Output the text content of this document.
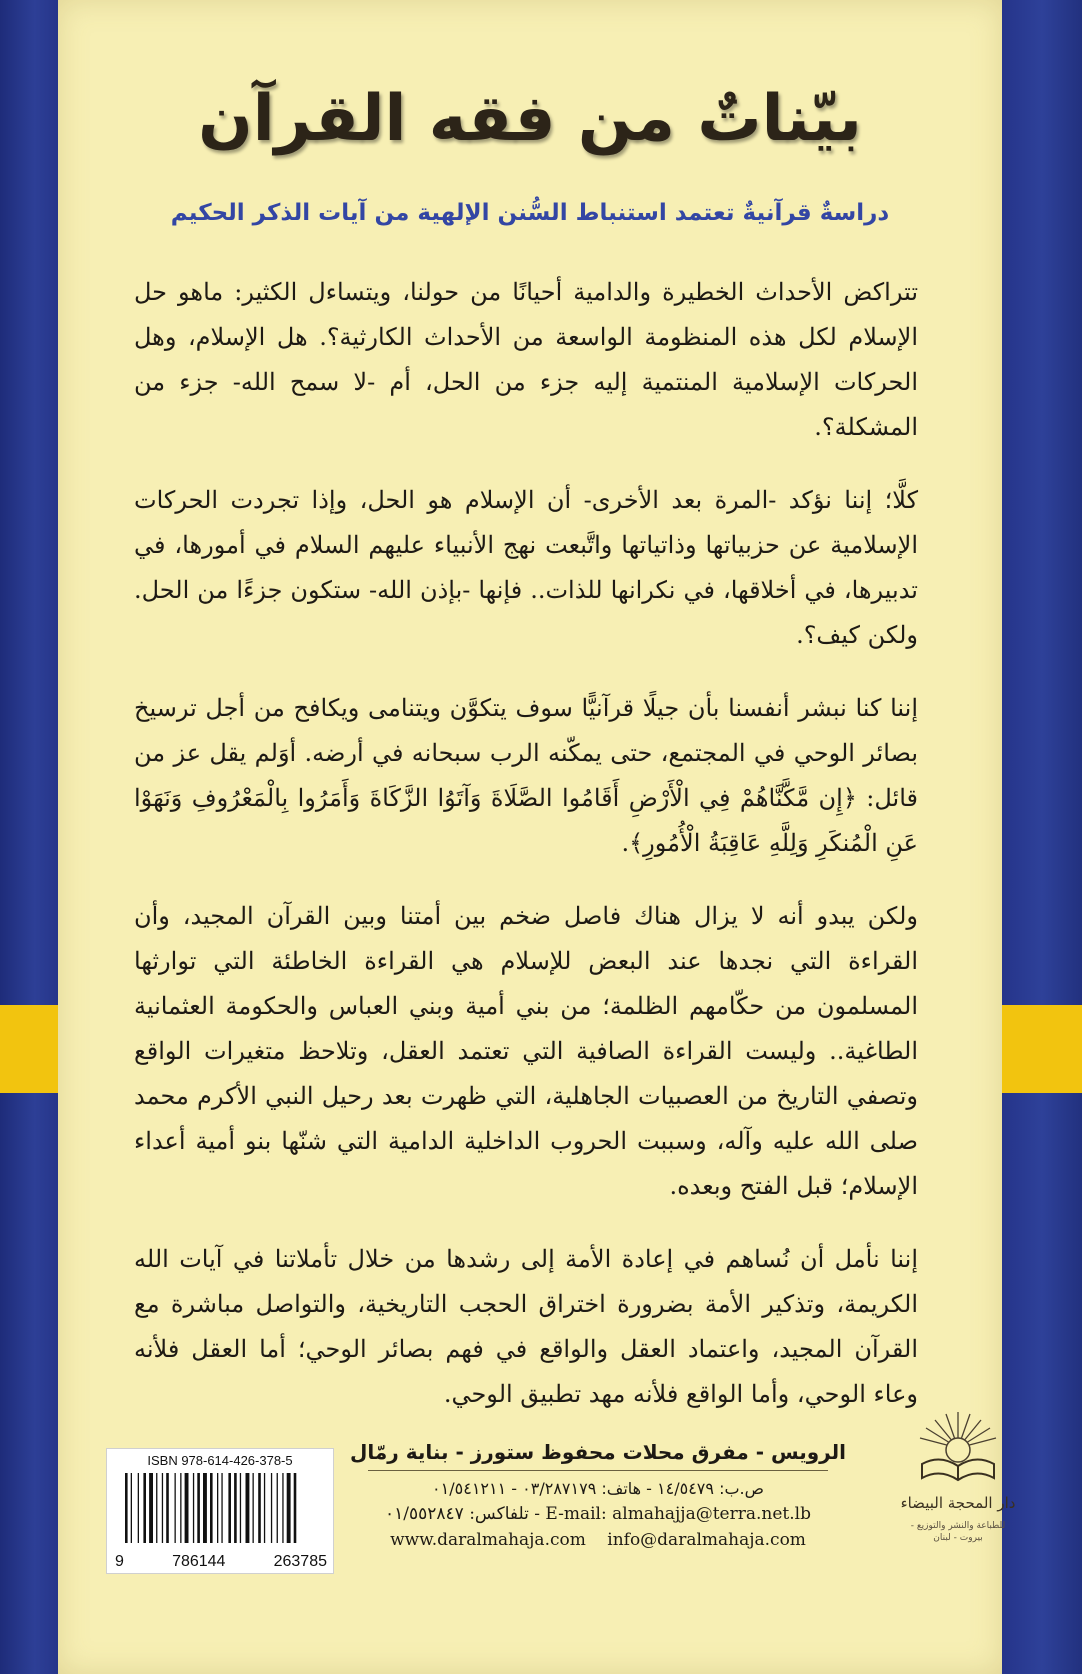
بيّناتٌ من فقه القرآن
دراسةٌ قرآنيةٌ تعتمد استنباط السُّنن الإلهية من آيات الذكر الحكيم

تتراكض الأحداث الخطيرة والدامية أحيانًا من حولنا، ويتساءل الكثير: ماهو حل الإسلام لكل هذه المنظومة الواسعة من الأحداث الكارثية؟. هل الإسلام، وهل الحركات الإسلامية المنتمية إليه جزء من الحل، أم -لا سمح الله- جزء من المشكلة؟.

كلَّا؛ إننا نؤكد -المرة بعد الأخرى- أن الإسلام هو الحل، وإذا تجردت الحركات الإسلامية عن حزبياتها وذاتياتها واتَّبعت نهج الأنبياء عليهم السلام في أمورها، في تدبيرها، في أخلاقها، في نكرانها للذات.. فإنها -بإذن الله- ستكون جزءًا من الحل. ولكن كيف؟.

إننا كنا نبشر أنفسنا بأن جيلًا قرآنيًّا سوف يتكوَّن ويتنامى ويكافح من أجل ترسيخ بصائر الوحي في المجتمع، حتى يمكّنه الرب سبحانه في أرضه. أوَلم يقل عز من قائل: ﴿إِن مَّكَّنَّاهُمْ فِي الْأَرْضِ أَقَامُوا الصَّلَاةَ وَآتَوُا الزَّكَاةَ وَأَمَرُوا بِالْمَعْرُوفِ وَنَهَوْا عَنِ الْمُنكَرِ وَلِلَّهِ عَاقِبَةُ الْأُمُورِ﴾.

ولكن يبدو أنه لا يزال هناك فاصل ضخم بين أمتنا وبين القرآن المجيد، وأن القراءة التي نجدها عند البعض للإسلام هي القراءة الخاطئة التي توارثها المسلمون من حكّامهم الظلمة؛ من بني أمية وبني العباس والحكومة العثمانية الطاغية.. وليست القراءة الصافية التي تعتمد العقل، وتلاحظ متغيرات الواقع وتصفي التاريخ من العصبيات الجاهلية، التي ظهرت بعد رحيل النبي الأكرم محمد صلى الله عليه وآله، وسببت الحروب الداخلية الدامية التي شنّها بنو أمية أعداء الإسلام؛ قبل الفتح وبعده.

إننا نأمل أن نُساهم في إعادة الأمة إلى رشدها من خلال تأملاتنا في آيات الله الكريمة، وتذكير الأمة بضرورة اختراق الحجب التاريخية، والتواصل مباشرة مع القرآن المجيد، واعتماد العقل والواقع في فهم بصائر الوحي؛ أما العقل فلأنه وعاء الوحي، وأما الواقع فلأنه مهد تطبيق الوحي.

ISBN 978-614-426-378-5
9	786144	263785
الرويس - مفرق محلات محفوظ ستورز - بناية رمّال
ص.ب: ١٤/٥٤٧٩ - هاتف: ٠٣/٢٨٧١٧٩ - ٠١/٥٤١٢١١
E-mail: almahajja@terra.net.lb - تلفاكس: ٠١/٥٥٢٨٤٧
www.daralmahaja.com info@daralmahaja.com
دار المحجة البيضاء
للطباعة والنشر والتوزيع - بيروت - لبنان
